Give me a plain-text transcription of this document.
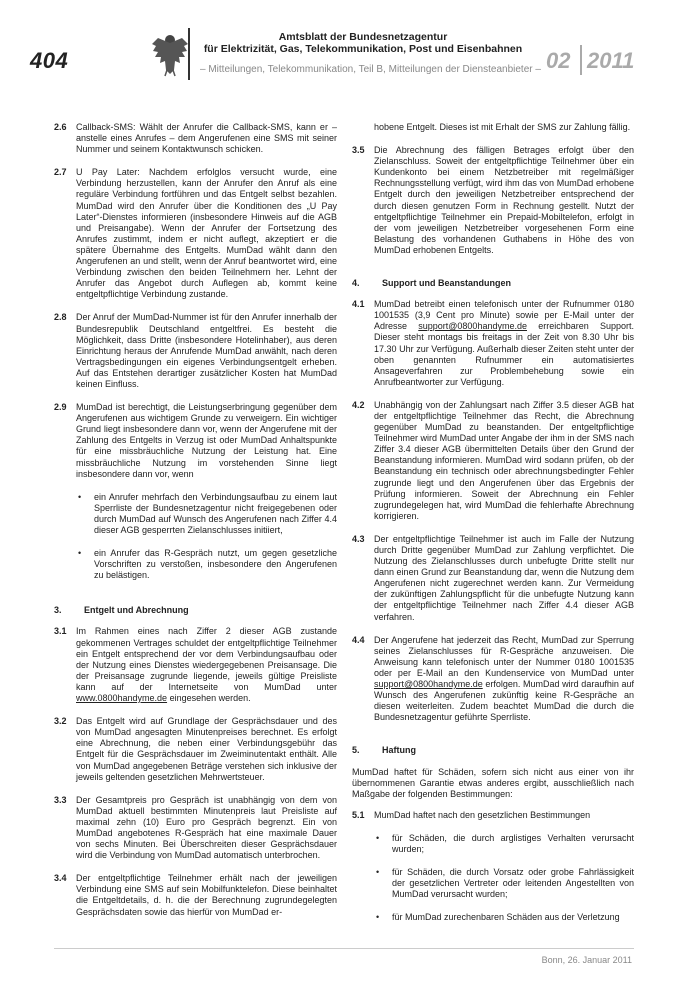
404
Amtsblatt der Bundesnetzagentur
für Elektrizität, Gas, Telekommunikation, Post und Eisenbahnen
– Mitteilungen, Telekommunikation, Teil B, Mitteilungen der Diensteanbieter – 02 2011
2.6 Callback-SMS: Wählt der Anrufer die Callback-SMS, kann er – anstelle eines Anrufes – dem Angerufenen eine SMS mit seiner Nummer und seinem Kontaktwunsch schicken.
2.7 U Pay Later: Nachdem erfolglos versucht wurde, eine Verbindung herzustellen, kann der Anrufer den Anruf als eine reguläre Verbindung fortführen und das Entgelt selbst bezahlen. MumDad wird den Anrufer über die Konditionen des „U Pay Later“-Dienstes informieren (insbesondere Hinweis auf die AGB und Preisangabe). Wenn der Anrufer der Fortsetzung des Anrufes zustimmt, indem er nicht auflegt, akzeptiert er die spätere Übernahme des Entgelts. MumDad wählt dann den Angerufenen an und stellt, wenn der Anruf beantwortet wird, eine Verbindung zwischen den beiden Teilnehmern her. Lehnt der Anrufer das Angebot durch Auflegen ab, kommt keine entgeltpflichtige Verbindung zustande.
2.8 Der Anruf der MumDad-Nummer ist für den Anrufer innerhalb der Bundesrepublik Deutschland entgeltfrei. Es besteht die Möglichkeit, dass Dritte (insbesondere Hotelinhaber), aus deren Einrichtung heraus der Anrufende MumDad anwählt, nach deren Vertragsbedingungen ein eigenes Verbindungsentgelt erheben. Auf das Entstehen derartiger zusätzlicher Kosten hat MumDad keinen Einfluss.
2.9 MumDad ist berechtigt, die Leistungserbringung gegenüber dem Angerufenen aus wichtigem Grunde zu verweigern. Ein wichtiger Grund liegt insbesondere dann vor, wenn der Angerufene mit der Zahlung des Entgelts in Verzug ist oder MumDad Anhaltspunkte für eine missbräuchliche Nutzung der Leistung hat. Eine missbräuchliche Nutzung im vorstehenden Sinne liegt insbesondere dann vor, wenn
• ein Anrufer mehrfach den Verbindungsaufbau zu einem laut Sperrliste der Bundesnetzagentur nicht freigegebenen oder durch MumDad auf Wunsch des Angerufenen nach Ziffer 4.4 dieser AGB gesperrten Zielanschlusses initiiert,
• ein Anrufer das R-Gespräch nutzt, um gegen gesetzliche Vorschriften zu verstoßen, insbesondere den Angerufenen zu belästigen.
3. Entgelt und Abrechnung
3.1 Im Rahmen eines nach Ziffer 2 dieser AGB zustande gekommenen Vertrages schuldet der entgeltpflichtige Teilnehmer ein Entgelt entsprechend der vor dem Verbindungsaufbau oder der Nutzung eines Dienstes wiedergegebenen Preisansage. Die der Preisansage zugrunde liegende, jeweils gültige Preisliste kann auf der Internetseite von MumDad unter www.0800handyme.de eingesehen werden.
3.2 Das Entgelt wird auf Grundlage der Gesprächsdauer und des von MumDad angesagten Minutenpreises berechnet. Es erfolgt eine Abrechnung, die neben einer Verbindungsgebühr das Entgelt für die Gesprächsdauer im Zweiminutentakt enthält. Alle von MumDad angegebenen Beträge verstehen sich inklusive der jeweils geltenden gesetzlichen Mehrwertsteuer.
3.3 Der Gesamtpreis pro Gespräch ist unabhängig von dem von MumDad aktuell bestimmten Minutenpreis laut Preisliste auf maximal zehn (10) Euro pro Gespräch begrenzt. Ein von MumDad angebotenes R-Gespräch hat eine maximale Dauer von sechs Minuten. Bei Überschreiten dieser Gesprächsdauer wird die Verbindung von MumDad automatisch unterbrochen.
3.4 Der entgeltpflichtige Teilnehmer erhält nach der jeweiligen Verbindung eine SMS auf sein Mobilfunktelefon. Diese beinhaltet die Entgeltdetails, d. h. die der Berechnung zugrundegelegten Gesprächsdaten sowie das hierfür von MumDad er-
hobene Entgelt. Dieses ist mit Erhalt der SMS zur Zahlung fällig.
3.5 Die Abrechnung des fälligen Betrages erfolgt über den Zielanschluss. Soweit der entgeltpflichtige Teilnehmer über ein Kundenkonto bei einem Netzbetreiber mit regelmäßiger Rechnungsstellung verfügt, wird ihm das von MumDad erhobene Entgelt durch den jeweiligen Netzbetreiber entsprechend der durch diesen genutzen Form in Rechnung gestellt. Nutzt der entgeltpflichtige Teilnehmer ein Prepaid-Mobiltelefon, erfolgt in der vom jeweiligen Netzbetreiber vorgesehenen Form eine Belastung des vorhandenen Guthabens in Höhe des von MumDad erhobenen Entgelts.
4. Support und Beanstandungen
4.1 MumDad betreibt einen telefonisch unter der Rufnummer 0180 1001535 (3,9 Cent pro Minute) sowie per E-Mail unter der Adresse support@0800handyme.de erreichbaren Support. Dieser steht montags bis freitags in der Zeit von 8.30 Uhr bis 17.30 Uhr zur Verfügung. Außerhalb dieser Zeiten steht unter der oben genannten Rufnummer ein automatisiertes Ansageverfahren zur Problembehebung sowie ein Anrufbeantworter zur Verfügung.
4.2 Unabhängig von der Zahlungsart nach Ziffer 3.5 dieser AGB hat der entgeltpflichtige Teilnehmer das Recht, die Abrechnung gegenüber MumDad zu beanstanden. Der entgeltpflichtige Teilnehmer wird MumDad unter Angabe der ihm in der SMS nach Ziffer 3.4 dieser AGB übermittelten Details über den Grund der Beanstandung informieren. MumDad wird sodann prüfen, ob der Beanstandung ein technisch oder abrechnungsbedingter Fehler zugrunde liegt und den Angerufenen über das Ergebnis der Prüfung informieren. Soweit der Abrechnung ein Fehler zugrundegelegen hat, wird MumDad die fehlerhafte Abrechnung korrigieren.
4.3 Der entgeltpflichtige Teilnehmer ist auch im Falle der Nutzung durch Dritte gegenüber MumDad zur Zahlung verpflichtet. Die Nutzung des Zielanschlusses durch unbefugte Dritte stellt nur dann einen Grund zur Beanstandung dar, wenn die Nutzung dem Angerufenen nicht zugerechnet werden kann. Zur Vermeidung der zukünftigen Zahlungspflicht für die unbefugte Nutzung kann der entgeltpflichtige Teilnehmer nach Ziffer 4.4 dieser AGB verfahren.
4.4 Der Angerufene hat jederzeit das Recht, MumDad zur Sperrung seines Zielanschlusses für R-Gespräche anzuweisen. Die Anweisung kann telefonisch unter der Nummer 0180 1001535 oder per E-Mail an den Kundenservice von MumDad unter support@0800handyme.de erfolgen. MumDad wird daraufhin auf Wunsch des Angerufenen zukünftig keine R-Gespräche an diesen weiterleiten. Zudem beachtet MumDad die durch die Bundesnetzagentur geführte Sperrliste.
5. Haftung
MumDad haftet für Schäden, sofern sich nicht aus einer von ihr übernommenen Garantie etwas anderes ergibt, ausschließlich nach Maßgabe der folgenden Bestimmungen:
5.1 MumDad haftet nach den gesetzlichen Bestimmungen
• für Schäden, die durch arglistiges Verhalten verursacht wurden;
• für Schäden, die durch Vorsatz oder grobe Fahrlässigkeit der gesetzlichen Vertreter oder leitenden Angestellten von MumDad verursacht wurden;
• für MumDad zurechenbaren Schäden aus der Verletzung
Bonn, 26. Januar 2011
